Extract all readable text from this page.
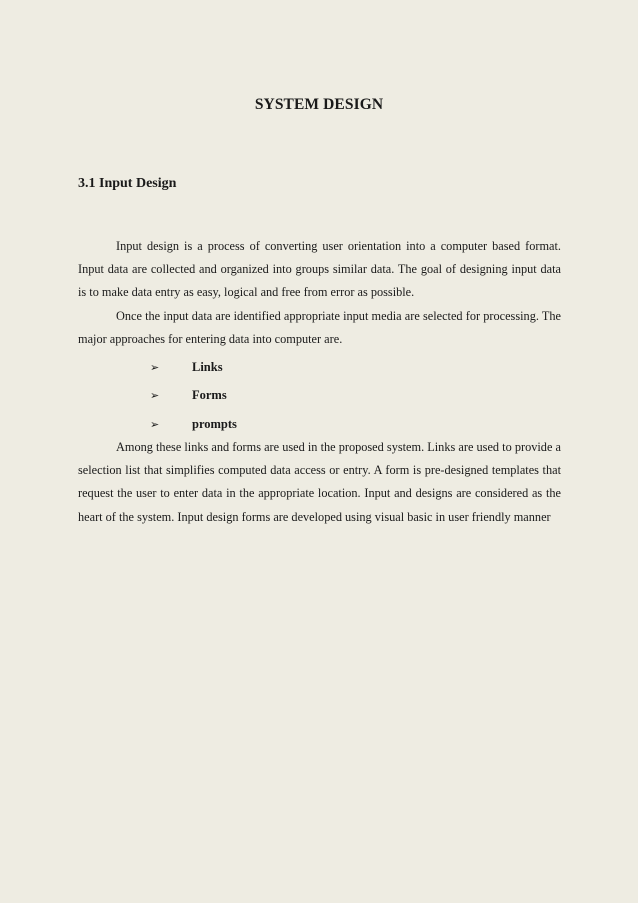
SYSTEM DESIGN
3.1 Input Design

Input design is a process of converting user orientation into a computer based format. Input data are collected and organized into groups similar data. The goal of designing input data is to make data entry as easy, logical and free from error as possible.

Once the input data are identified appropriate input media are selected for processing. The major approaches for entering data into computer are.

➢	Links
➢	Forms
➢	prompts

Among these links and forms are used in the proposed system. Links are used to provide a selection list that simplifies computed data access or entry. A form is pre-designed templates that request the user to enter data in the appropriate location. Input and designs are considered as the heart of the system. Input design forms are developed using visual basic in user friendly manner
